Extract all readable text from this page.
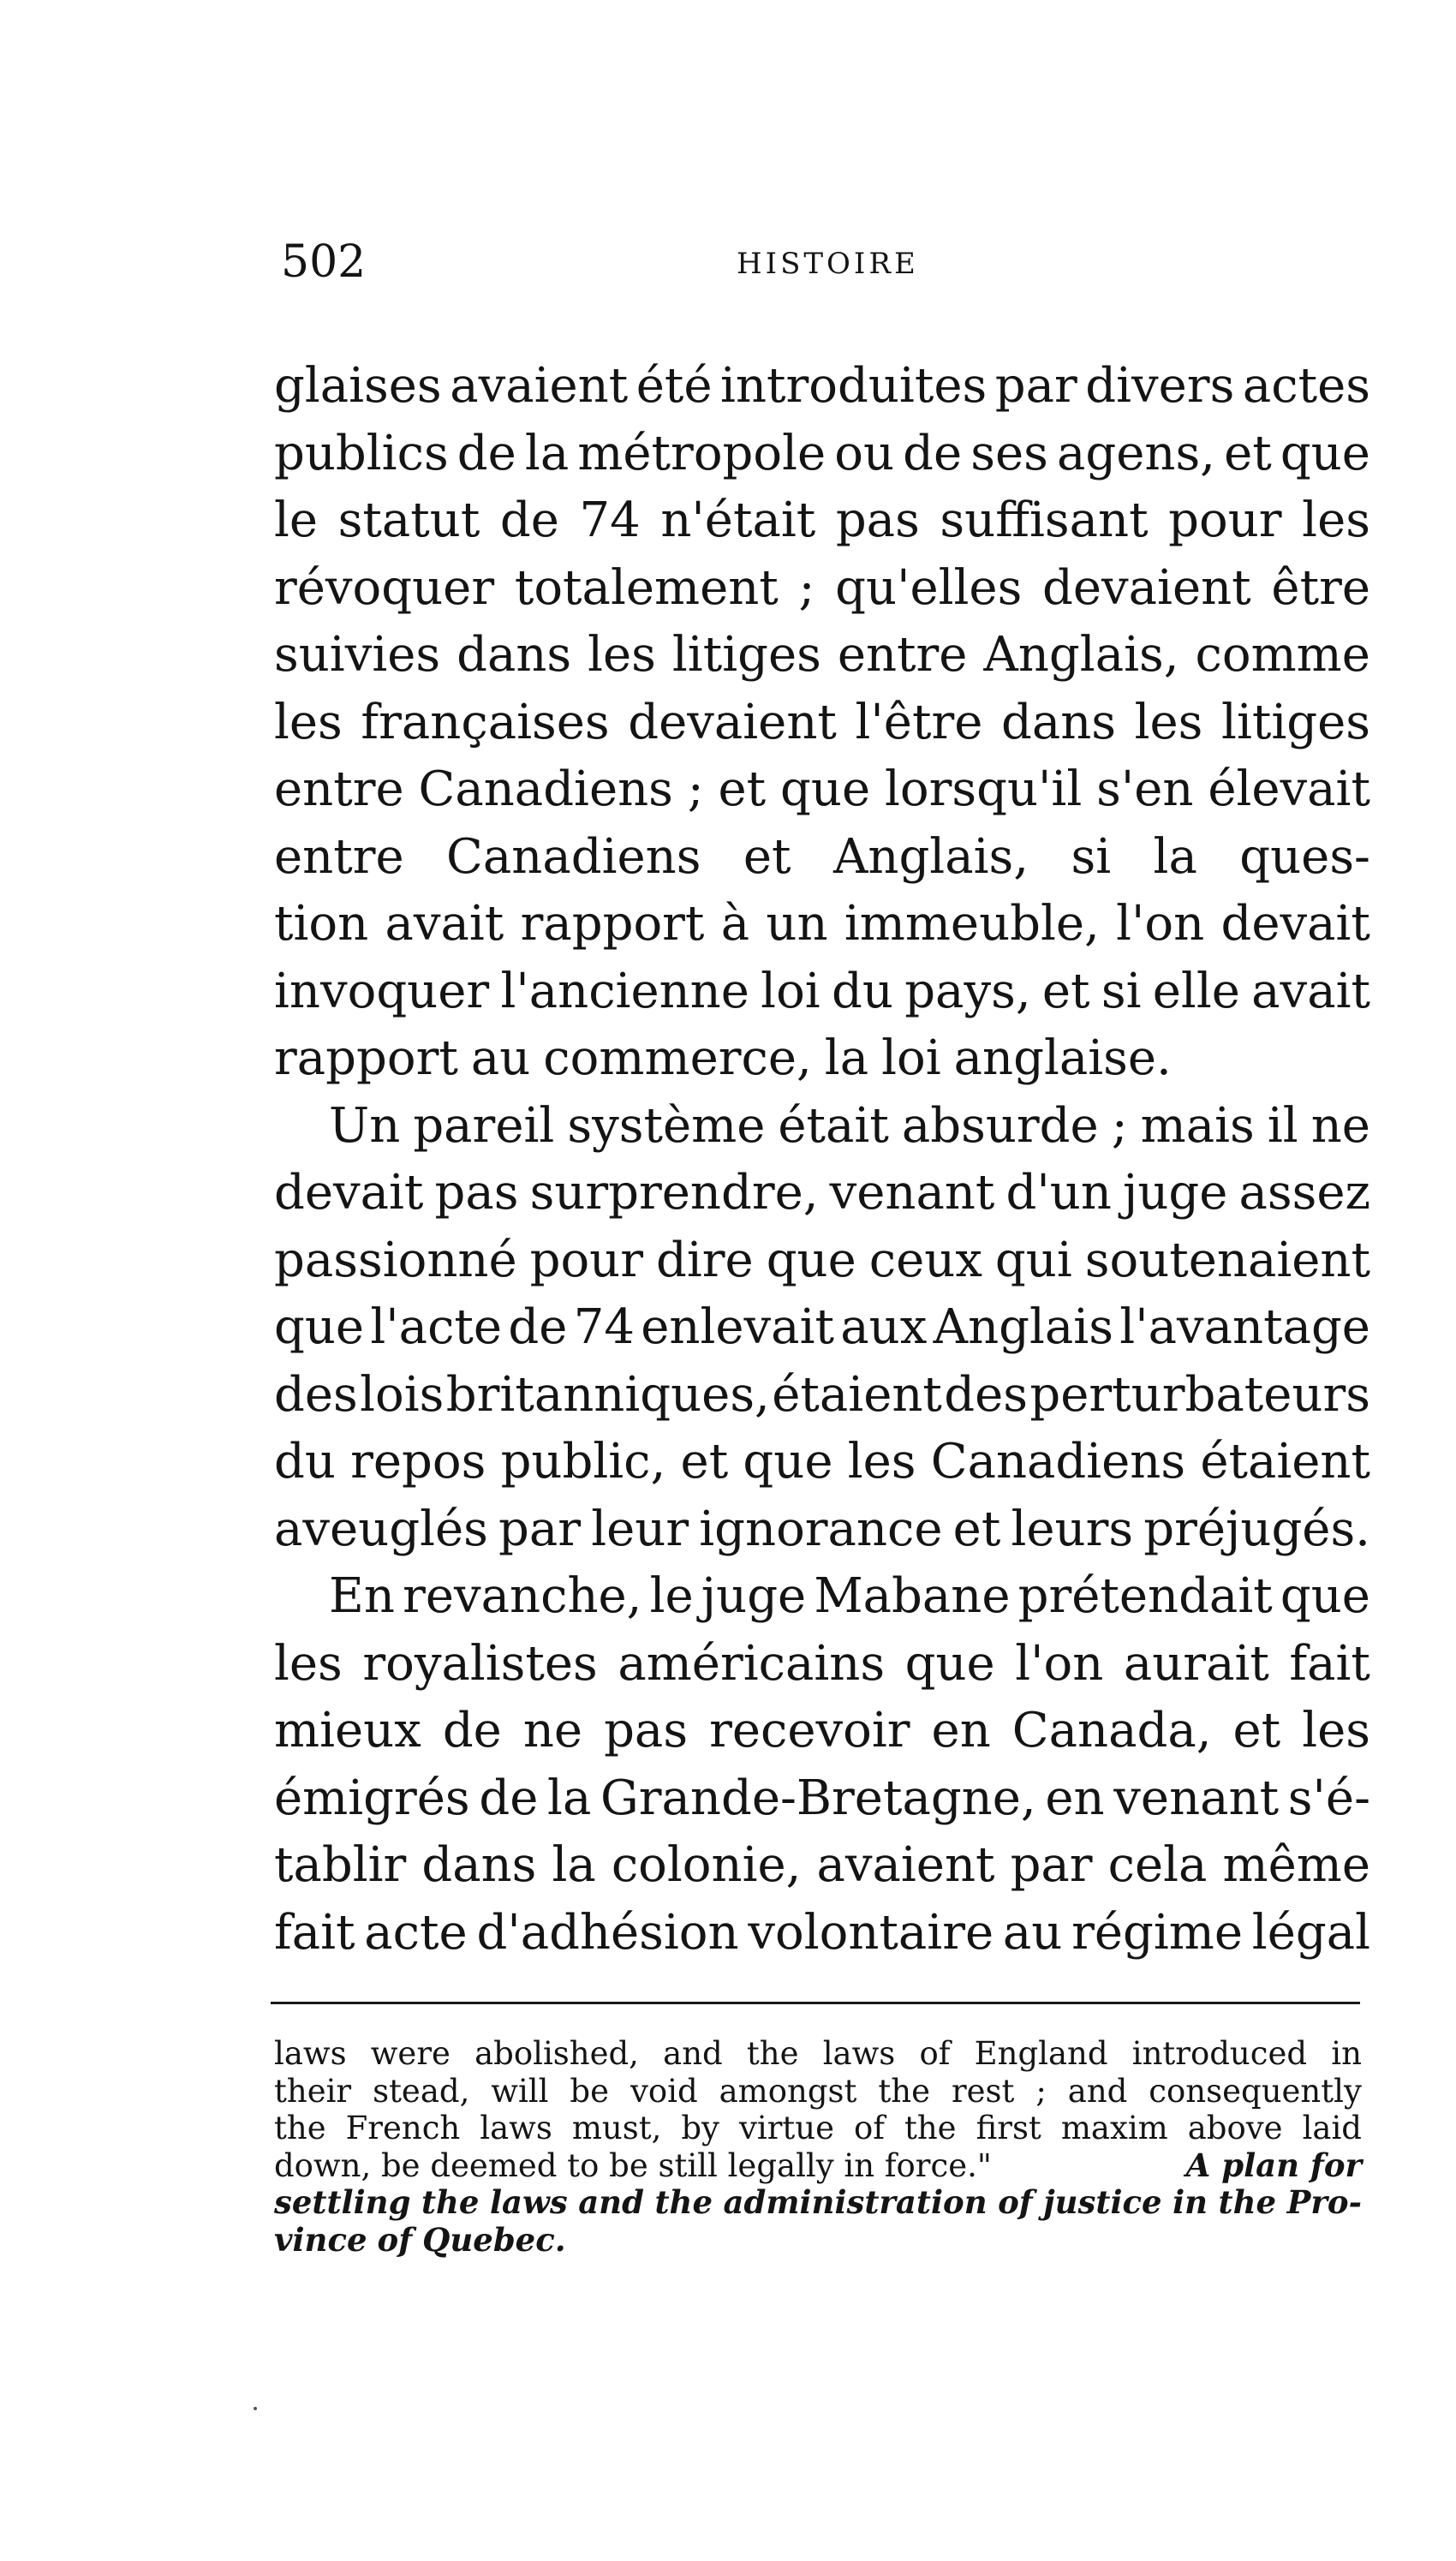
502	HISTOIRE
glaises avaient été introduites par divers actes
publics de la métropole ou de ses agens, et que
le statut de 74 n'était pas suffisant pour les
révoquer totalement ; qu'elles devaient être
suivies dans les litiges entre Anglais, comme
les françaises devaient l'être dans les litiges
entre Canadiens ; et que lorsqu'il s'en élevait
entre Canadiens et Anglais, si la ques-
tion avait rapport à un immeuble, l'on devait
invoquer l'ancienne loi du pays, et si elle avait
rapport au commerce, la loi anglaise.
Un pareil système était absurde ; mais il ne
devait pas surprendre, venant d'un juge assez
passionné pour dire que ceux qui soutenaient
que l'acte de 74 enlevait aux Anglais l'avantage
des lois britanniques, étaient des perturbateurs
du repos public, et que les Canadiens étaient
aveuglés par leur ignorance et leurs préjugés.
En revanche, le juge Mabane prétendait que
les royalistes américains que l'on aurait fait
mieux de ne pas recevoir en Canada, et les
émigrés de la Grande-Bretagne, en venant s'é-
tablir dans la colonie, avaient par cela même
fait acte d'adhésion volontaire au régime légal
laws were abolished, and the laws of England introduced in
their stead, will be void amongst the rest ; and consequently
the French laws must, by virtue of the first maxim above laid
down, be deemed to be still legally in force."	A plan for
settling the laws and the administration of justice in the Pro-
vince of Quebec.
